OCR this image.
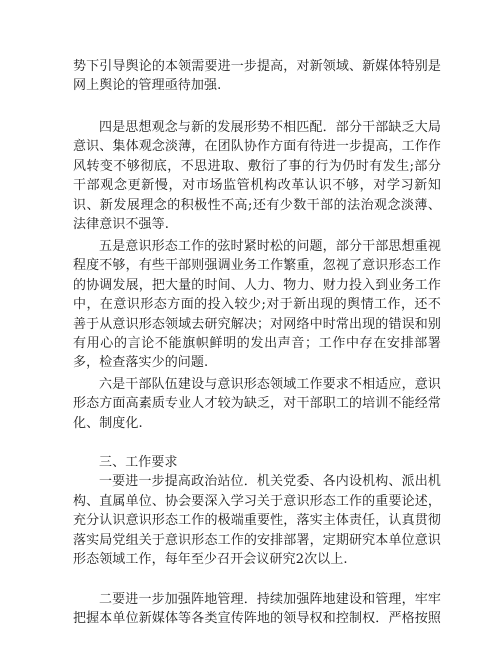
势下引导舆论的本领需要进一步提高，对新领域、新媒体特别是
网上舆论的管理亟待加强.
四是思想观念与新的发展形势不相匹配．部分干部缺乏大局
意识、集体观念淡薄，在团队协作方面有待进一步提高，工作作
风转变不够彻底，不思进取、敷衍了事的行为仍时有发生;部分
干部观念更新慢，对市场监管机构改革认识不够，对学习新知
识、新发展理念的积极性不高;还有少数干部的法治观念淡薄、
法律意识不强等.
五是意识形态工作的弦时紧时松的问题，部分干部思想重视
程度不够，有些干部则强调业务工作繁重，忽视了意识形态工作
的协调发展，把大量的时间、人力、物力、财力投入到业务工作
中，在意识形态方面的投入较少;对于新出现的舆情工作，还不
善于从意识形态领域去研究解决；对网络中时常出现的错误和别
有用心的言论不能旗帜鲜明的发出声音；工作中存在安排部署
多，检查落实少的问题.
六是干部队伍建设与意识形态领域工作要求不相适应，意识
形态方面高素质专业人才较为缺乏，对干部职工的培训不能经常
化、制度化.
三、工作要求
一要进一步提高政治站位．机关党委、各内设机构、派出机
构、直属单位、协会要深入学习关于意识形态工作的重要论述，
充分认识意识形态工作的极端重要性，落实主体责任，认真贯彻
落实局党组关于意识形态工作的安排部署，定期研究本单位意识
形态领域工作，每年至少召开会议研究2次以上.
二要进一步加强阵地管理．持续加强阵地建设和管理，牢牢
把握本单位新媒体等各类宣传阵地的领导权和控制权．严格按照
